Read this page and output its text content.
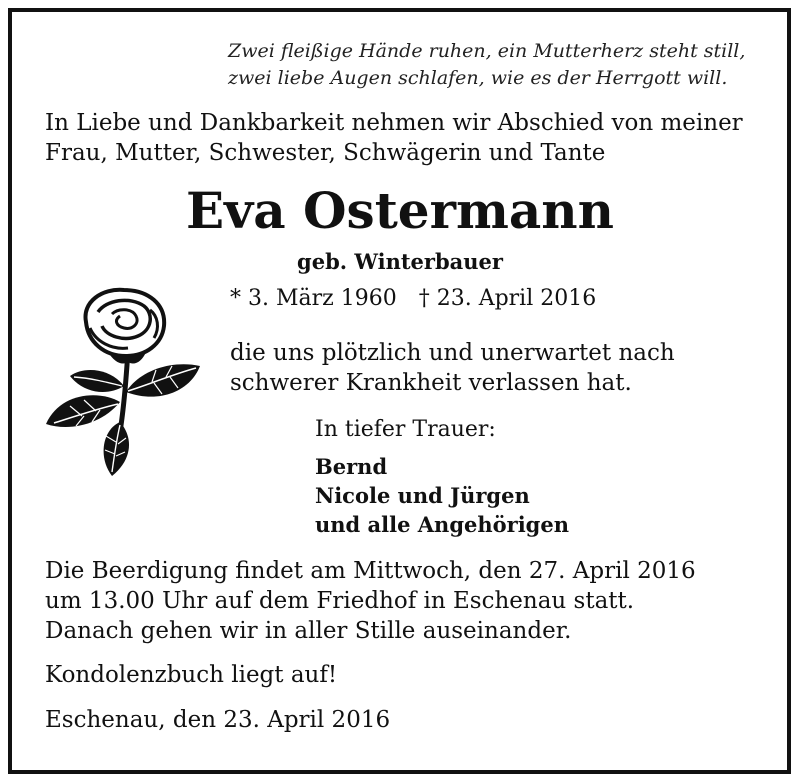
Zwei fleißige Hände ruhen, ein Mutterherz steht still,
zwei liebe Augen schlafen, wie es der Herrgott will.
In Liebe und Dankbarkeit nehmen wir Abschied von meiner
Frau, Mutter, Schwester, Schwägerin und Tante
Eva Ostermann
geb. Winterbauer
* 3. März 1960 † 23. April 2016
die uns plötzlich und unerwartet nach
schwerer Krankheit verlassen hat.
In tiefer Trauer:
Bernd
Nicole und Jürgen
und alle Angehörigen
Die Beerdigung findet am Mittwoch, den 27. April 2016
um 13.00 Uhr auf dem Friedhof in Eschenau statt.
Danach gehen wir in aller Stille auseinander.
Kondolenzbuch liegt auf!
Eschenau, den 23. April 2016
